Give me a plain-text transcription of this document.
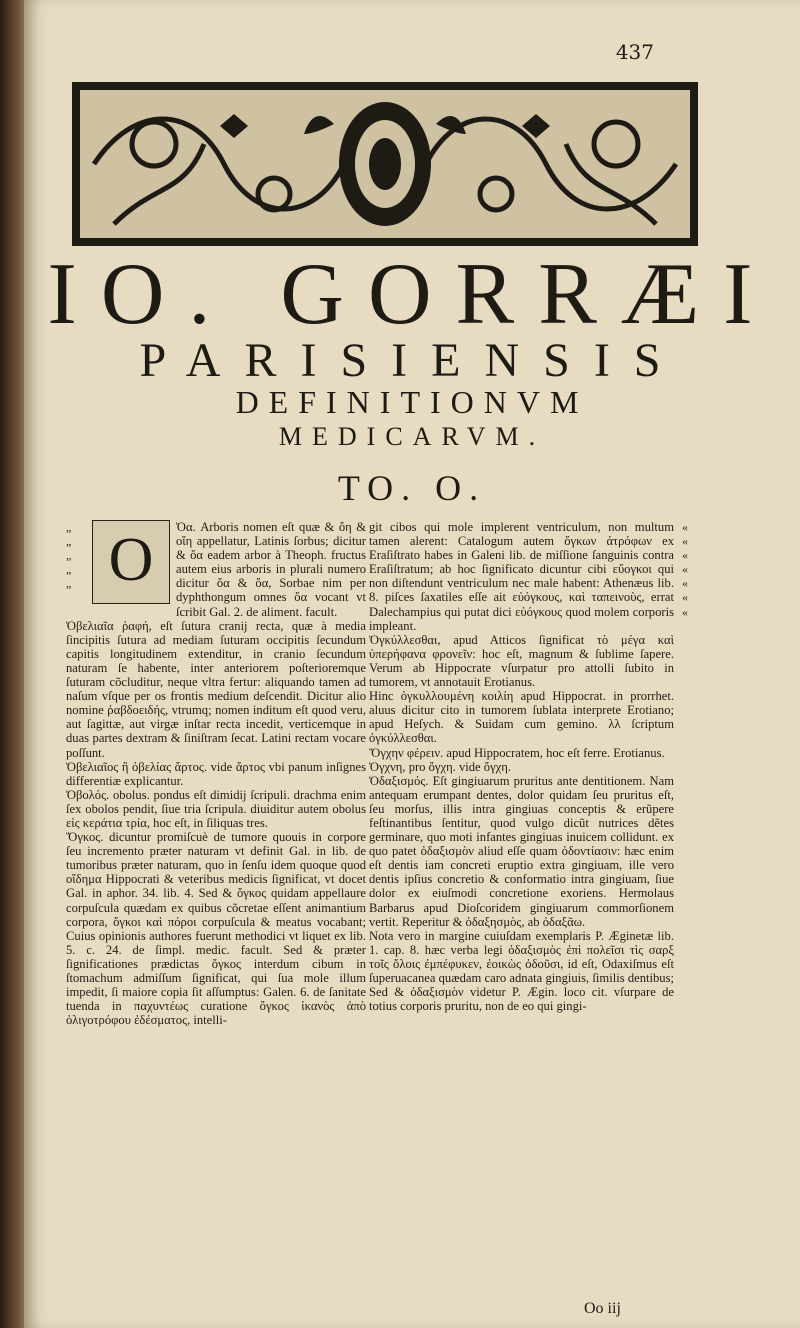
437
IO. GORRÆI
PARISIENSIS
DEFINITIONVM
MEDICARVM.
TO. O.
„ „ „ „ „
« « « « « « «
O	Ὀα. Arboris nomen eſt quæ & ὄη & οἴη appellatur, Latinis ſorbus; dicitur & ὄα eadem arbor à Theoph. fructus autem eius arboris in plurali numero dicitur ὄα & ὄα, Sorbae nim per dyphthongum omnes ὄα vocant vt ſcribit Gal. 2. de aliment. facult.

Ὀβελιαῖα ῥαφή, eſt ſutura cranij recta, quæ à media ſincipitis ſutura ad mediam ſuturam occipitis ſecundum capitis longitudinem extenditur, in cranio ſecundum naturam ſe habente, inter anteriorem poſterioremque ſuturam cõcluditur, neque vltra fertur: aliquando tamen ad naſum vſque per os frontis medium deſcendit. Dicitur alio nomine ῥαβδοειδής, vtrumq; nomen inditum eſt quod veru, aut ſagittæ, aut virgæ inſtar recta incedit, verticemque in duas partes dextram & ſiniſtram ſecat. Latini rectam vocare poſſunt.

Ὀβελιαῖος ἢ ὀβελίας ἄρτος. vide ἄρτος vbi panum inſignes differentiæ explicantur.

Ὀβολός. obolus. pondus eſt dimidij ſcripuli. drachma enim ſex obolos pendit, ſiue tria ſcripula. diuiditur autem obolus εἰς κεράτια τρία, hoc eſt, in ſiliquas tres.

Ὄγκος. dicuntur promiſcuè de tumore quouis in corpore ſeu incremento præter naturam vt definit Gal. in lib. de tumoribus præter naturam, quo in ſenſu idem quoque quod οἴδημα Hippocrati & veteribus medicis ſignificat, vt docet Gal. in aphor. 34. lib. 4. Sed & ὄγκος quidam appellaure corpuſcula quædam ex quibus cõcretae eſſent animantium corpora, ὄγκοι καὶ πόροι corpuſcula & meatus vocabant; Cuius opinionis authores fuerunt methodici vt liquet ex lib. 5. c. 24. de ſimpl. medic. facult. Sed & præter ſignificationes prædictas ὄγκος interdum cibum in ſtomachum admiſſum ſignificat, qui ſua mole illum impedit, ſi maiore copia ſit aſſumptus: Galen. 6. de ſanitate tuenda in παχυντέως curatione ὄγκος ἱκανὸς ἀπὸ ὀλιγοτρόφου ἐδέσματος, intelli-

git cibos qui mole implerent ventriculum, non multum tamen alerent: Catalogum autem ὄγκων ἀτρόφων ex Eraſiſtrato habes in Galeni lib. de miſſione ſanguinis contra Eraſiſtratum; ab hoc ſignificato dicuntur cibi εὔογκοι qui non diſtendunt ventriculum nec male habent: Athenæus lib. 8. piſces ſaxatiles eſſe ait εὐόγκους, καὶ ταπεινοὺς, errat Dalechampius qui putat dici εὐόγκους quod molem corporis impleant.

Ὀγκύλλεσθαι, apud Atticos ſignificat τὸ μέγα καὶ ὑπερήφανα φρονεῖν: hoc eſt, magnum & ſublime ſapere. Verum ab Hippocrate vſurpatur pro attolli ſubito in tumorem, vt annotauit Erotianus.

Hinc ὀγκυλλουμένη κοιλίη apud Hippocrat. in prorrhet. aluus dicitur cito in tumorem ſublata interprete Erotiano; apud Heſych. & Suidam cum gemino. λλ ſcriptum ὀγκύλλεσθαι.

Ὄγχην φέρειν. apud Hippocratem, hoc eſt ferre. Erotianus.

Ὀγχνη, pro ὄγχη. vide ὄγχη.

Ὀδαξισμός. Eſt gingiuarum pruritus ante dentitionem. Nam antequam erumpant dentes, dolor quidam ſeu pruritus eſt, ſeu morſus, illis intra gingiuas conceptis & erũpere feſtinantibus ſentitur, quod vulgo dicũt nutrices dẽtes germinare, quo moti infantes gingiuas inuicem collidunt. ex quo patet ὀδαξισμὸν aliud eſſe quam ὀδοντίασιν: hæc enim eſt dentis iam concreti eruptio extra gingiuam, ille vero dentis ipſius concretio & conformatio intra gingiuam, ſiue dolor ex eiuſmodi concretione exoriens. Hermolaus Barbarus apud Dioſcoridem gingiuarum commorſionem vertit. Reperitur & ὀδαξησμὸς, ab ὀδαξᾶω.

Nota vero in margine cuiuſdam exemplaris P. Æginetæ lib. 1. cap. 8. hæc verba legi ὀδαξισμὸς ἐπὶ πολεῖσι τὶς σαρξ τοῖς ὄλοις ἐμπέφυκεν, ἐοικὼς ὀδοῦσι, id eſt, Odaxiſmus eſt ſuperuacanea quædam caro adnata gingiuis, ſimilis dentibus; Sed & ὀδαξισμὸν videtur P. Ægin. loco cit. vſurpare de totius corporis pruritu, non de eo qui gingi-

Oo iij
